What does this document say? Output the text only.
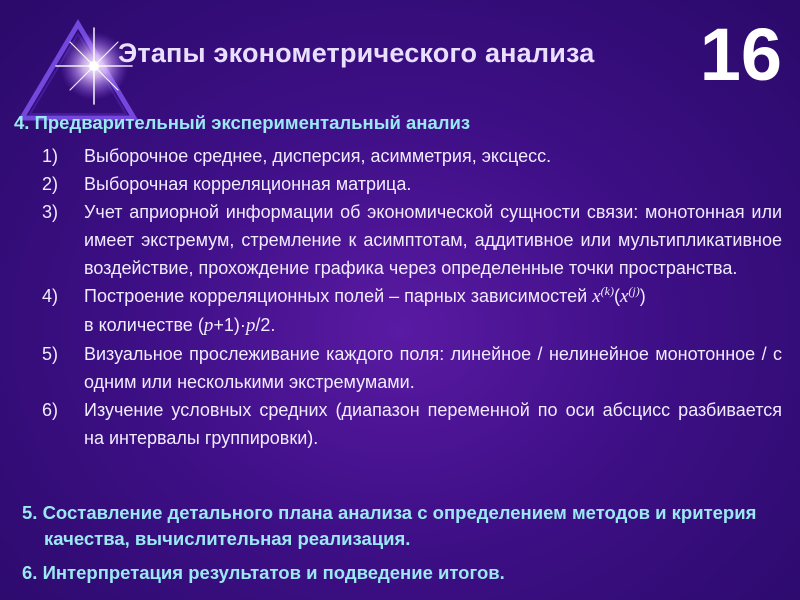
Этапы эконометрического анализа 16
4. Предварительный экспериментальный анализ
1) Выборочное среднее, дисперсия, асимметрия, эксцесс.
2) Выборочная корреляционная матрица.
3) Учет априорной информации об экономической сущности связи: монотонная или имеет экстремум, стремление к асимптотам, аддитивное или мультипликативное воздействие, прохождение графика через определенные точки пространства.
4) Построение корреляционных полей – парных зависимостей $x^{(k)}(x^{(j)})$
в количестве (p+1)·p/2.
5) Визуальное прослеживание каждого поля: линейное / нелинейное монотонное / с одним или несколькими экстремумами.
6) Изучение условных средних (диапазон переменной по оси абсцисс разбивается на интервалы группировки).
5. Составление детального плана анализа с определением методов и критерия качества, вычислительная реализация.
6. Интерпретация результатов и подведение итогов.
